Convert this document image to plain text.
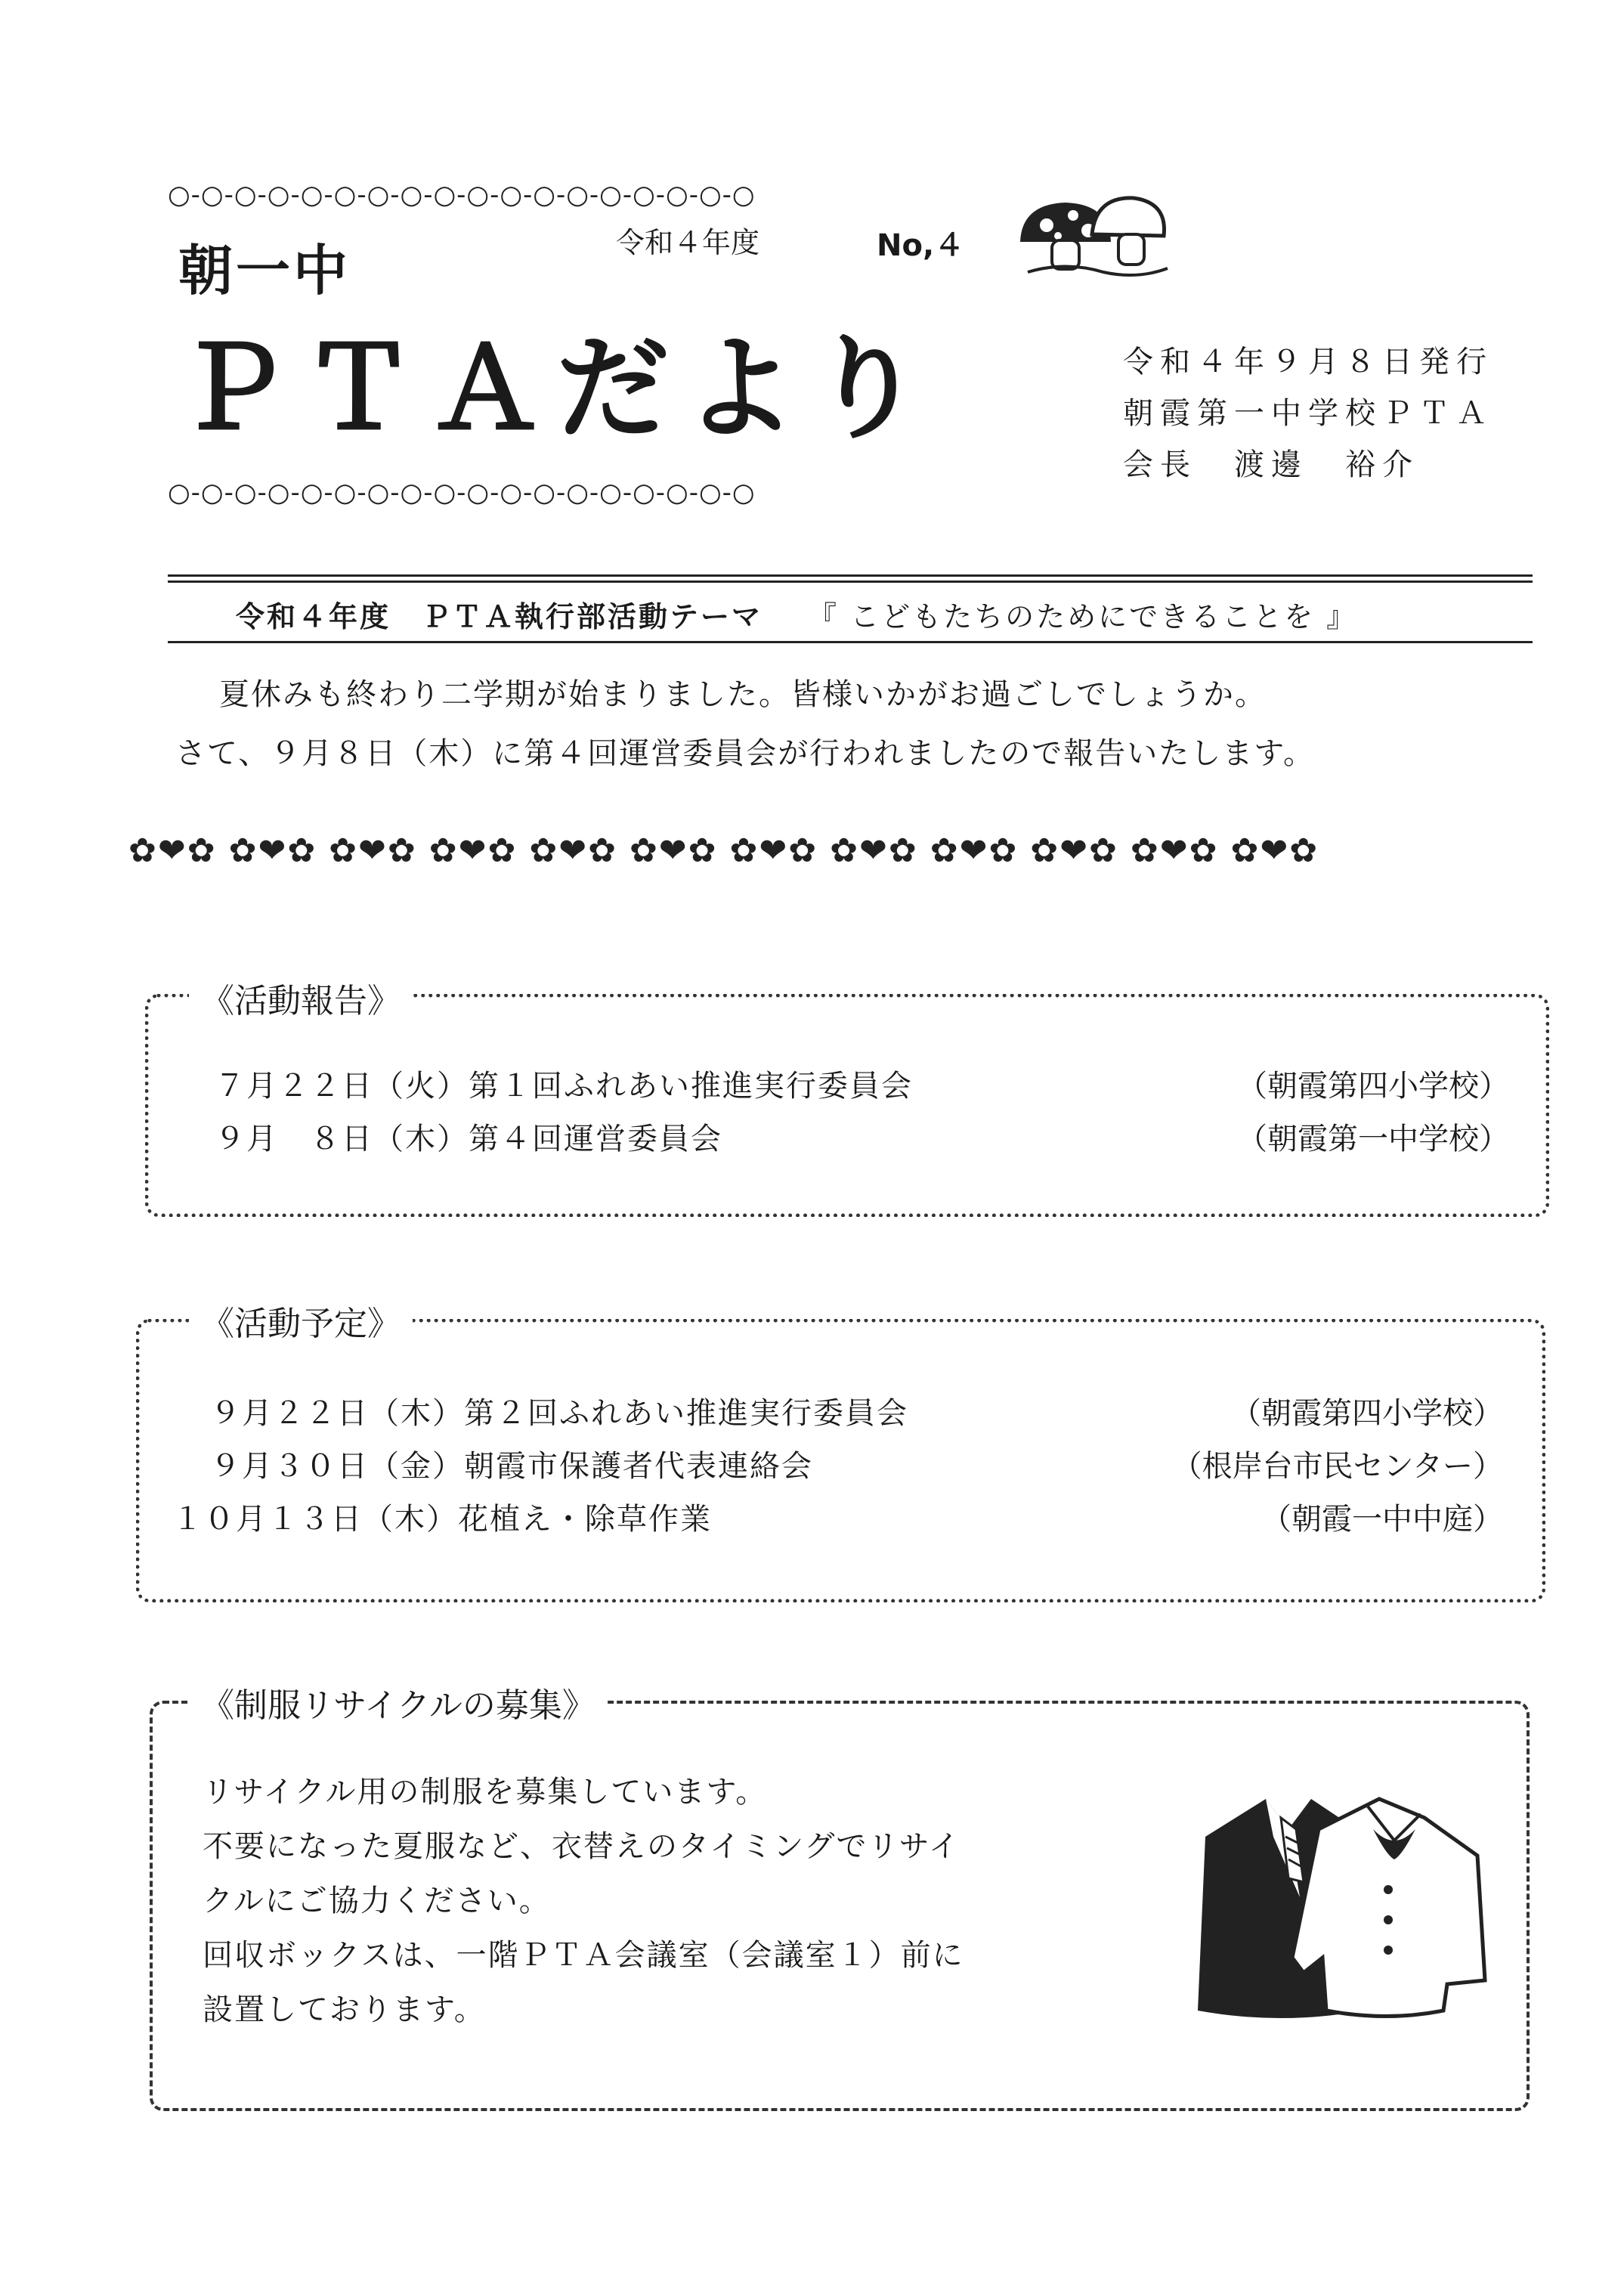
○-○-○-○-○-○-○-○-○-○-○-○-○-○-○-○-○-○
朝一中	令和４年度	No,４
ＰＴＡだより
○-○-○-○-○-○-○-○-○-○-○-○-○-○-○-○-○-○
令和４年９月８日発行
朝霞第一中学校ＰＴＡ
会長　渡邊　裕介
令和４年度　ＰＴＡ執行部活動テーマ 『 こどもたちのためにできることを 』
夏休みも終わり二学期が始まりました。皆様いかがお過ごしでしょうか。
さて、９月８日（木）に第４回運営委員会が行われましたので報告いたします。
✿❤✿ ✿❤✿ ✿❤✿ ✿❤✿ ✿❤✿ ✿❤✿ ✿❤✿ ✿❤✿ ✿❤✿ ✿❤✿ ✿❤✿ ✿❤✿
《活動報告》
７月２２日（火）第１回ふれあい推進実行委員会	（朝霞第四小学校）
９月　８日（木）第４回運営委員会	（朝霞第一中学校）
《活動予定》
９月２２日（木）第２回ふれあい推進実行委員会	（朝霞第四小学校）
９月３０日（金）朝霞市保護者代表連絡会	（根岸台市民センター）
１０月１３日（木）花植え・除草作業	（朝霞一中中庭）
《制服リサイクルの募集》
リサイクル用の制服を募集しています。
不要になった夏服など、衣替えのタイミングでリサイ
クルにご協力ください。
回収ボックスは、一階ＰＴＡ会議室（会議室１）前に
設置しております。
